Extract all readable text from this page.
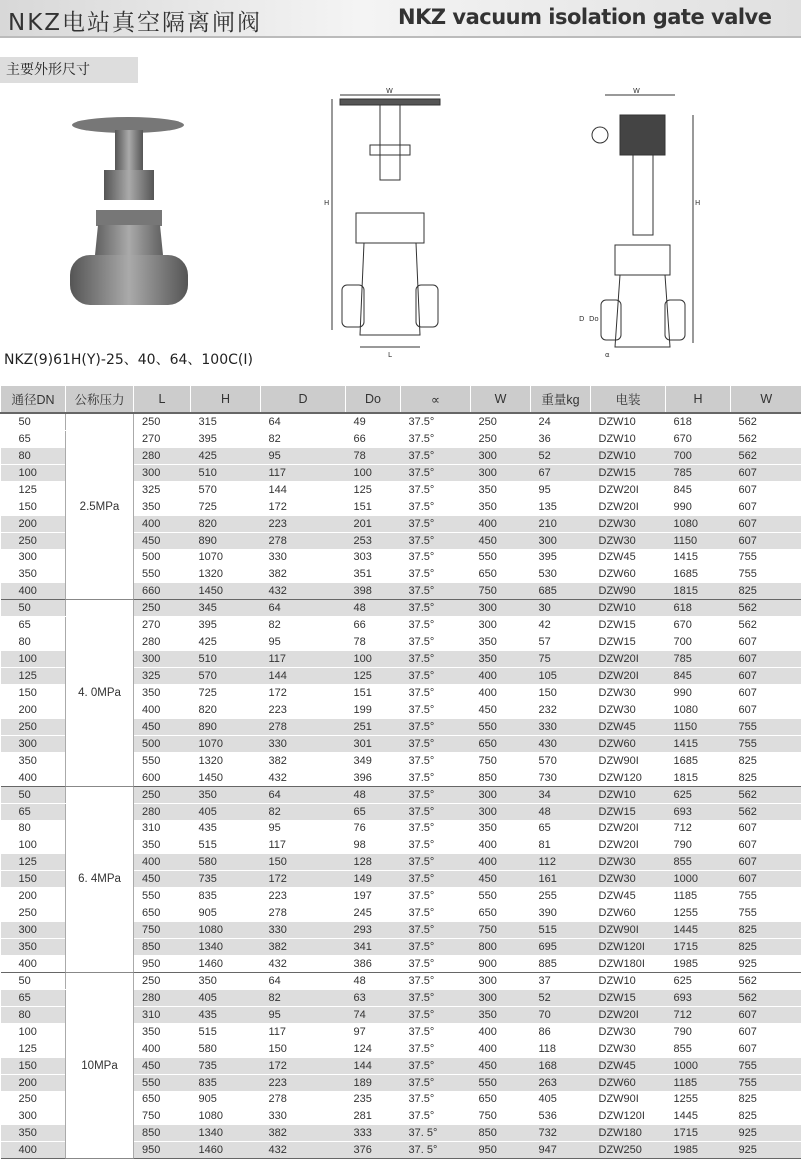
NKZ电站真空隔离闸阀	NKZ vacuum isolation gate valve
主要外形尺寸
W
H
L
W
H
D Do
α
NKZ(9)61H(Y)-25、40、64、100C(I)
通径DN	公称压力	L	H	D	Do	∝	W	重量kg	电装	H	W
50	2.5MPa	250	315	64	49	37.5°	250	24	DZW10	618	562
65		270	395	82	66	37.5°	250	36	DZW10	670	562
80		280	425	95	78	37.5°	300	52	DZW10	700	562
100		300	510	117	100	37.5°	300	67	DZW15	785	607
125		325	570	144	125	37.5°	350	95	DZW20I	845	607
150		350	725	172	151	37.5°	350	135	DZW20I	990	607
200		400	820	223	201	37.5°	400	210	DZW30	1080	607
250		450	890	278	253	37.5°	450	300	DZW30	1150	607
300		500	1070	330	303	37.5°	550	395	DZW45	1415	755
350		550	1320	382	351	37.5°	650	530	DZW60	1685	755
400		660	1450	432	398	37.5°	750	685	DZW90	1815	825
50	4. 0MPa	250	345	64	48	37.5°	300	30	DZW10	618	562
65		270	395	82	66	37.5°	300	42	DZW15	670	562
80		280	425	95	78	37.5°	350	57	DZW15	700	607
100		300	510	117	100	37.5°	350	75	DZW20I	785	607
125		325	570	144	125	37.5°	400	105	DZW20I	845	607
150		350	725	172	151	37.5°	400	150	DZW30	990	607
200		400	820	223	199	37.5°	450	232	DZW30	1080	607
250		450	890	278	251	37.5°	550	330	DZW45	1150	755
300		500	1070	330	301	37.5°	650	430	DZW60	1415	755
350		550	1320	382	349	37.5°	750	570	DZW90I	1685	825
400		600	1450	432	396	37.5°	850	730	DZW120	1815	825
50	6. 4MPa	250	350	64	48	37.5°	300	34	DZW10	625	562
65		280	405	82	65	37.5°	300	48	DZW15	693	562
80		310	435	95	76	37.5°	350	65	DZW20I	712	607
100		350	515	117	98	37.5°	400	81	DZW20I	790	607
125		400	580	150	128	37.5°	400	112	DZW30	855	607
150		450	735	172	149	37.5°	450	161	DZW30	1000	607
200		550	835	223	197	37.5°	550	255	DZW45	1185	755
250		650	905	278	245	37.5°	650	390	DZW60	1255	755
300		750	1080	330	293	37.5°	750	515	DZW90I	1445	825
350		850	1340	382	341	37.5°	800	695	DZW120I	1715	825
400		950	1460	432	386	37.5°	900	885	DZW180I	1985	925
50	10MPa	250	350	64	48	37.5°	300	37	DZW10	625	562
65		280	405	82	63	37.5°	300	52	DZW15	693	562
80		310	435	95	74	37.5°	350	70	DZW20I	712	607
100		350	515	117	97	37.5°	400	86	DZW30	790	607
125		400	580	150	124	37.5°	400	118	DZW30	855	607
150		450	735	172	144	37.5°	450	168	DZW45	1000	755
200		550	835	223	189	37.5°	550	263	DZW60	1185	755
250		650	905	278	235	37.5°	650	405	DZW90I	1255	825
300		750	1080	330	281	37.5°	750	536	DZW120I	1445	825
350		850	1340	382	333	37. 5°	850	732	DZW180	1715	925
400		950	1460	432	376	37. 5°	950	947	DZW250	1985	925
